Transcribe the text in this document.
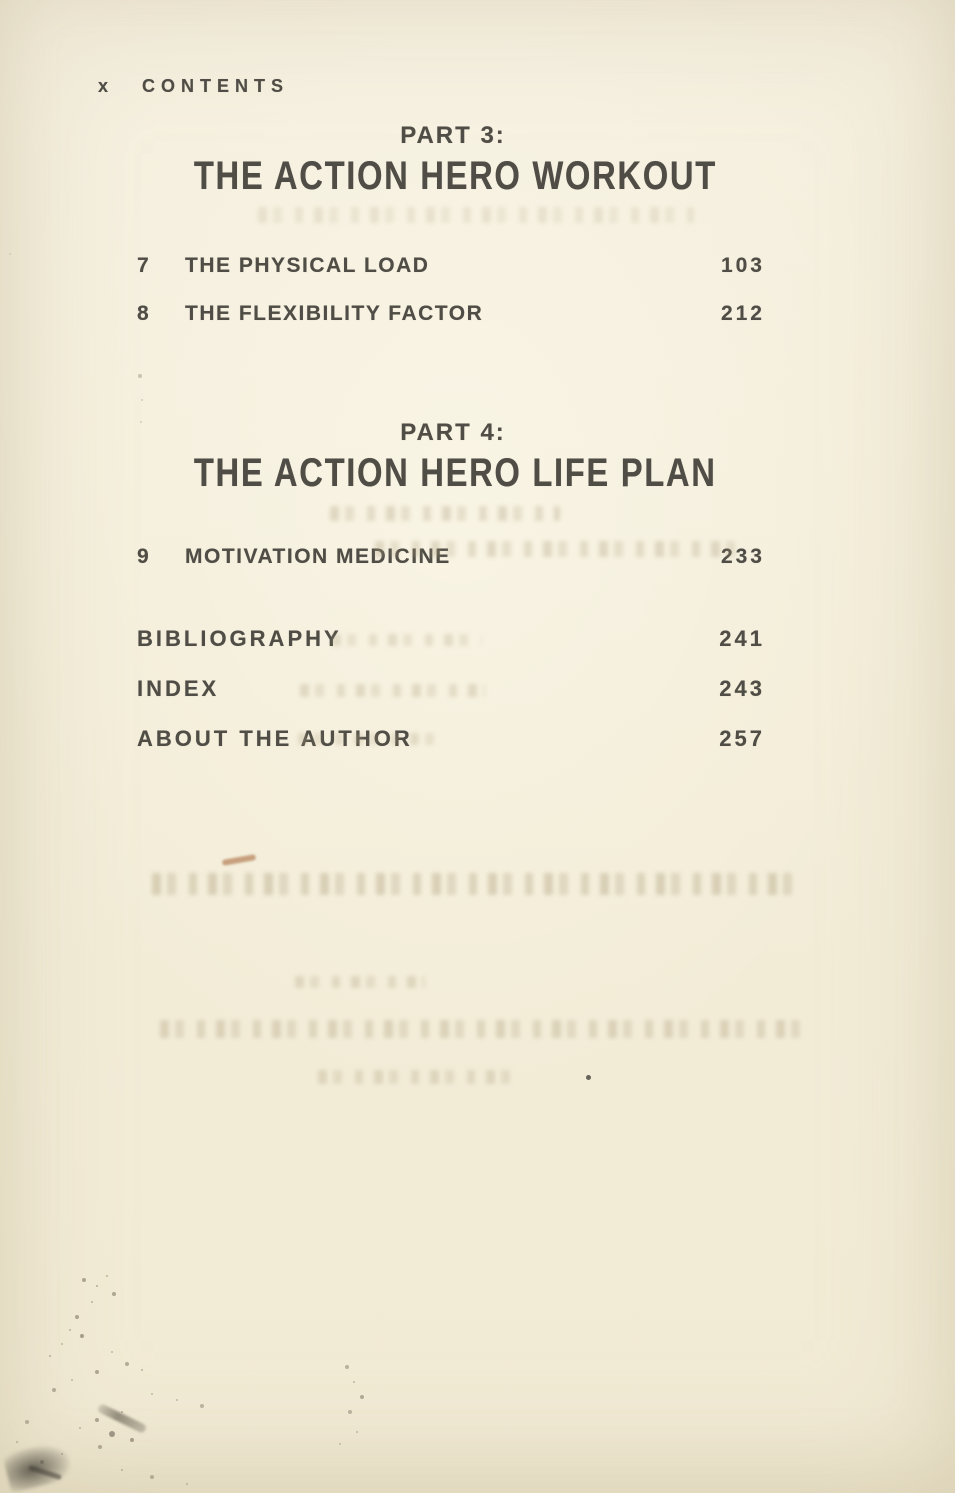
x CONTENTS
PART 3:
THE ACTION HERO WORKOUT
7	THE PHYSICAL LOAD	103
8	THE FLEXIBILITY FACTOR	212
PART 4:
THE ACTION HERO LIFE PLAN
9	MOTIVATION MEDICINE	233
BIBLIOGRAPHY	241
INDEX	243
ABOUT THE AUTHOR	257
